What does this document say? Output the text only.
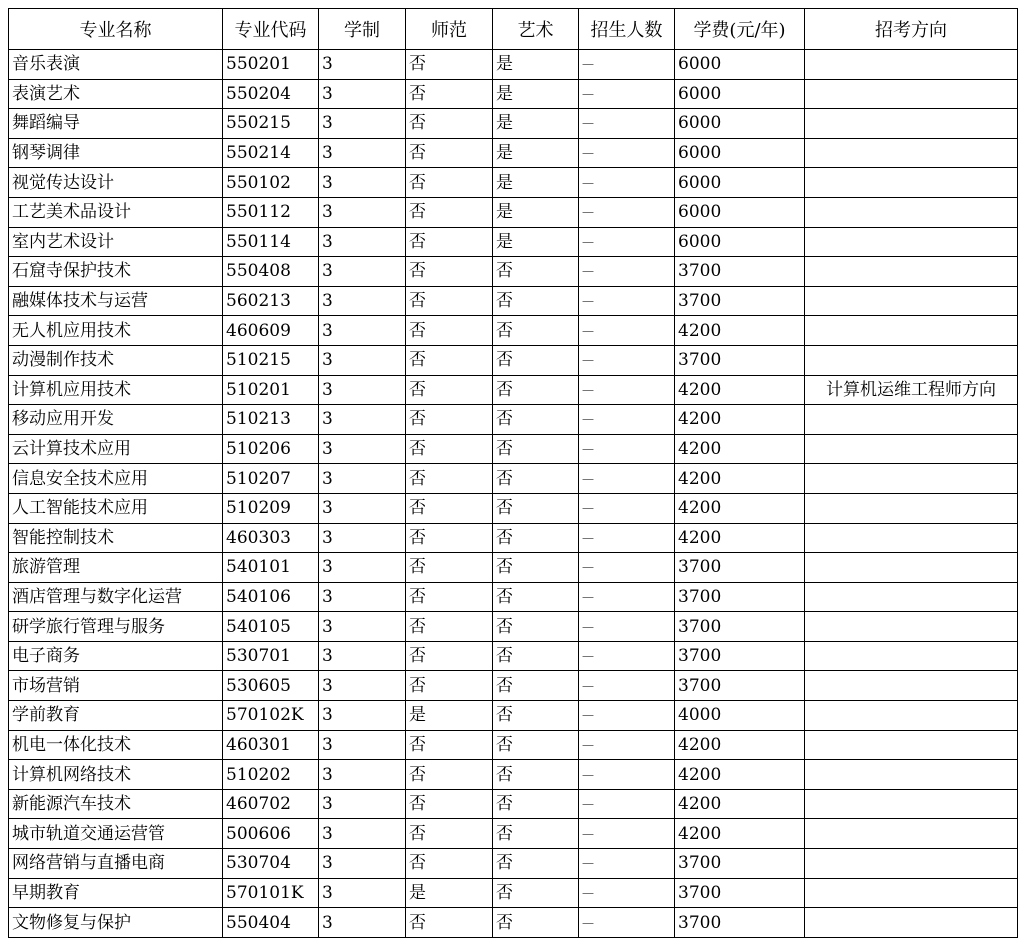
专业名称	专业代码	学制	师范	艺术	招生人数	学费(元/年)	招考方向
音乐表演	550201	3	否	是	—	6000	
表演艺术	550204	3	否	是	—	6000	
舞蹈编导	550215	3	否	是	—	6000	
钢琴调律	550214	3	否	是	—	6000	
视觉传达设计	550102	3	否	是	—	6000	
工艺美术品设计	550112	3	否	是	—	6000	
室内艺术设计	550114	3	否	是	—	6000	
石窟寺保护技术	550408	3	否	否	—	3700	
融媒体技术与运营	560213	3	否	否	—	3700	
无人机应用技术	460609	3	否	否	—	4200	
动漫制作技术	510215	3	否	否	—	3700	
计算机应用技术	510201	3	否	否	—	4200	计算机运维工程师方向
移动应用开发	510213	3	否	否	—	4200	
云计算技术应用	510206	3	否	否	—	4200	
信息安全技术应用	510207	3	否	否	—	4200	
人工智能技术应用	510209	3	否	否	—	4200	
智能控制技术	460303	3	否	否	—	4200	
旅游管理	540101	3	否	否	—	3700	
酒店管理与数字化运营	540106	3	否	否	—	3700	
研学旅行管理与服务	540105	3	否	否	—	3700	
电子商务	530701	3	否	否	—	3700	
市场营销	530605	3	否	否	—	3700	
学前教育	570102K	3	是	否	—	4000	
机电一体化技术	460301	3	否	否	—	4200	
计算机网络技术	510202	3	否	否	—	4200	
新能源汽车技术	460702	3	否	否	—	4200	
城市轨道交通运营管	500606	3	否	否	—	4200	
网络营销与直播电商	530704	3	否	否	—	3700	
早期教育	570101K	3	是	否	—	3700	
文物修复与保护	550404	3	否	否	—	3700	
